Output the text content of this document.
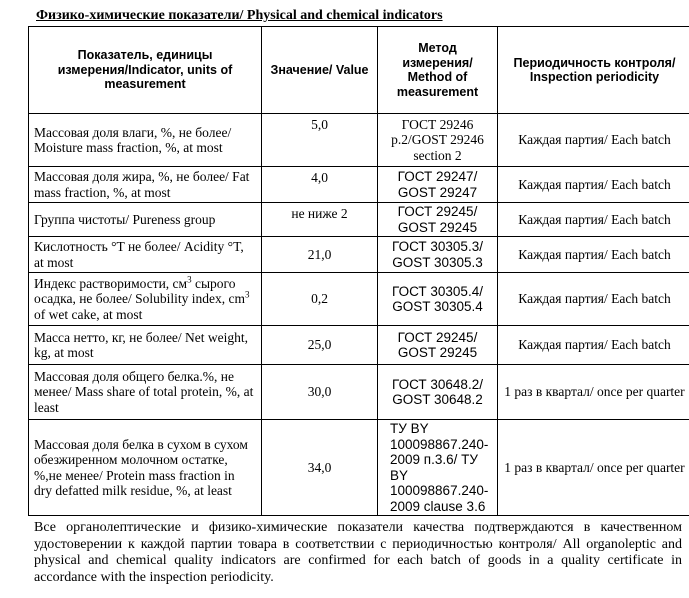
Физико-химические показатели/ Physical and chemical indicators
Показатель, единицы измерения/Indicator, units of measurement	Значение/ Value	Метод измерения/ Method of measurement	Периодичность контроля/ Inspection periodicity
Массовая доля влаги, %, не более/ Moisture mass fraction, %, at most	5,0	ГОСТ 29246 p.2/GOST 29246 section 2	Каждая партия/ Each batch
Массовая доля жира, %, не более/ Fat mass fraction, %, at most	4,0	ГОСТ 29247/ GOST 29247	Каждая партия/ Each batch
Группа чистоты/ Pureness group	не ниже 2	ГОСТ 29245/ GOST 29245	Каждая партия/ Each batch
Кислотность °T не более/ Acidity °T, at most	21,0	ГОСТ 30305.3/ GOST 30305.3	Каждая партия/ Each batch
Индекс растворимости, $см^3$ сырого осадка, не более/ Solubility index, $cm^3$ of wet cake, at most	0,2	ГОСТ 30305.4/ GOST 30305.4	Каждая партия/ Each batch
Масса нетто, кг, не более/ Net weight, kg, at most	25,0	ГОСТ 29245/ GOST 29245	Каждая партия/ Each batch
Массовая доля общего белка.%, не менее/ Mass share of total protein, %, at least	30,0	ГОСТ 30648.2/ GOST 30648.2	1 раз в квартал/ once per quarter
Массовая доля белка в сухом в сухом обезжиренном молочном остатке, %,не менее/ Protein mass fraction in dry defatted milk residue, %, at least	34,0	ТУ BY 100098867.240-2009 п.3.6/ ТУ BY 100098867.240-2009 clause 3.6	1 раз в квартал/ once per quarter
Все органолептические и физико-химические показатели качества подтверждаются в качественном удостоверении к каждой партии товара в соответствии с периодичностью контроля/ All organoleptic and physical and chemical quality indicators are confirmed for each batch of goods in a quality certificate in accordance with the inspection periodicity.
